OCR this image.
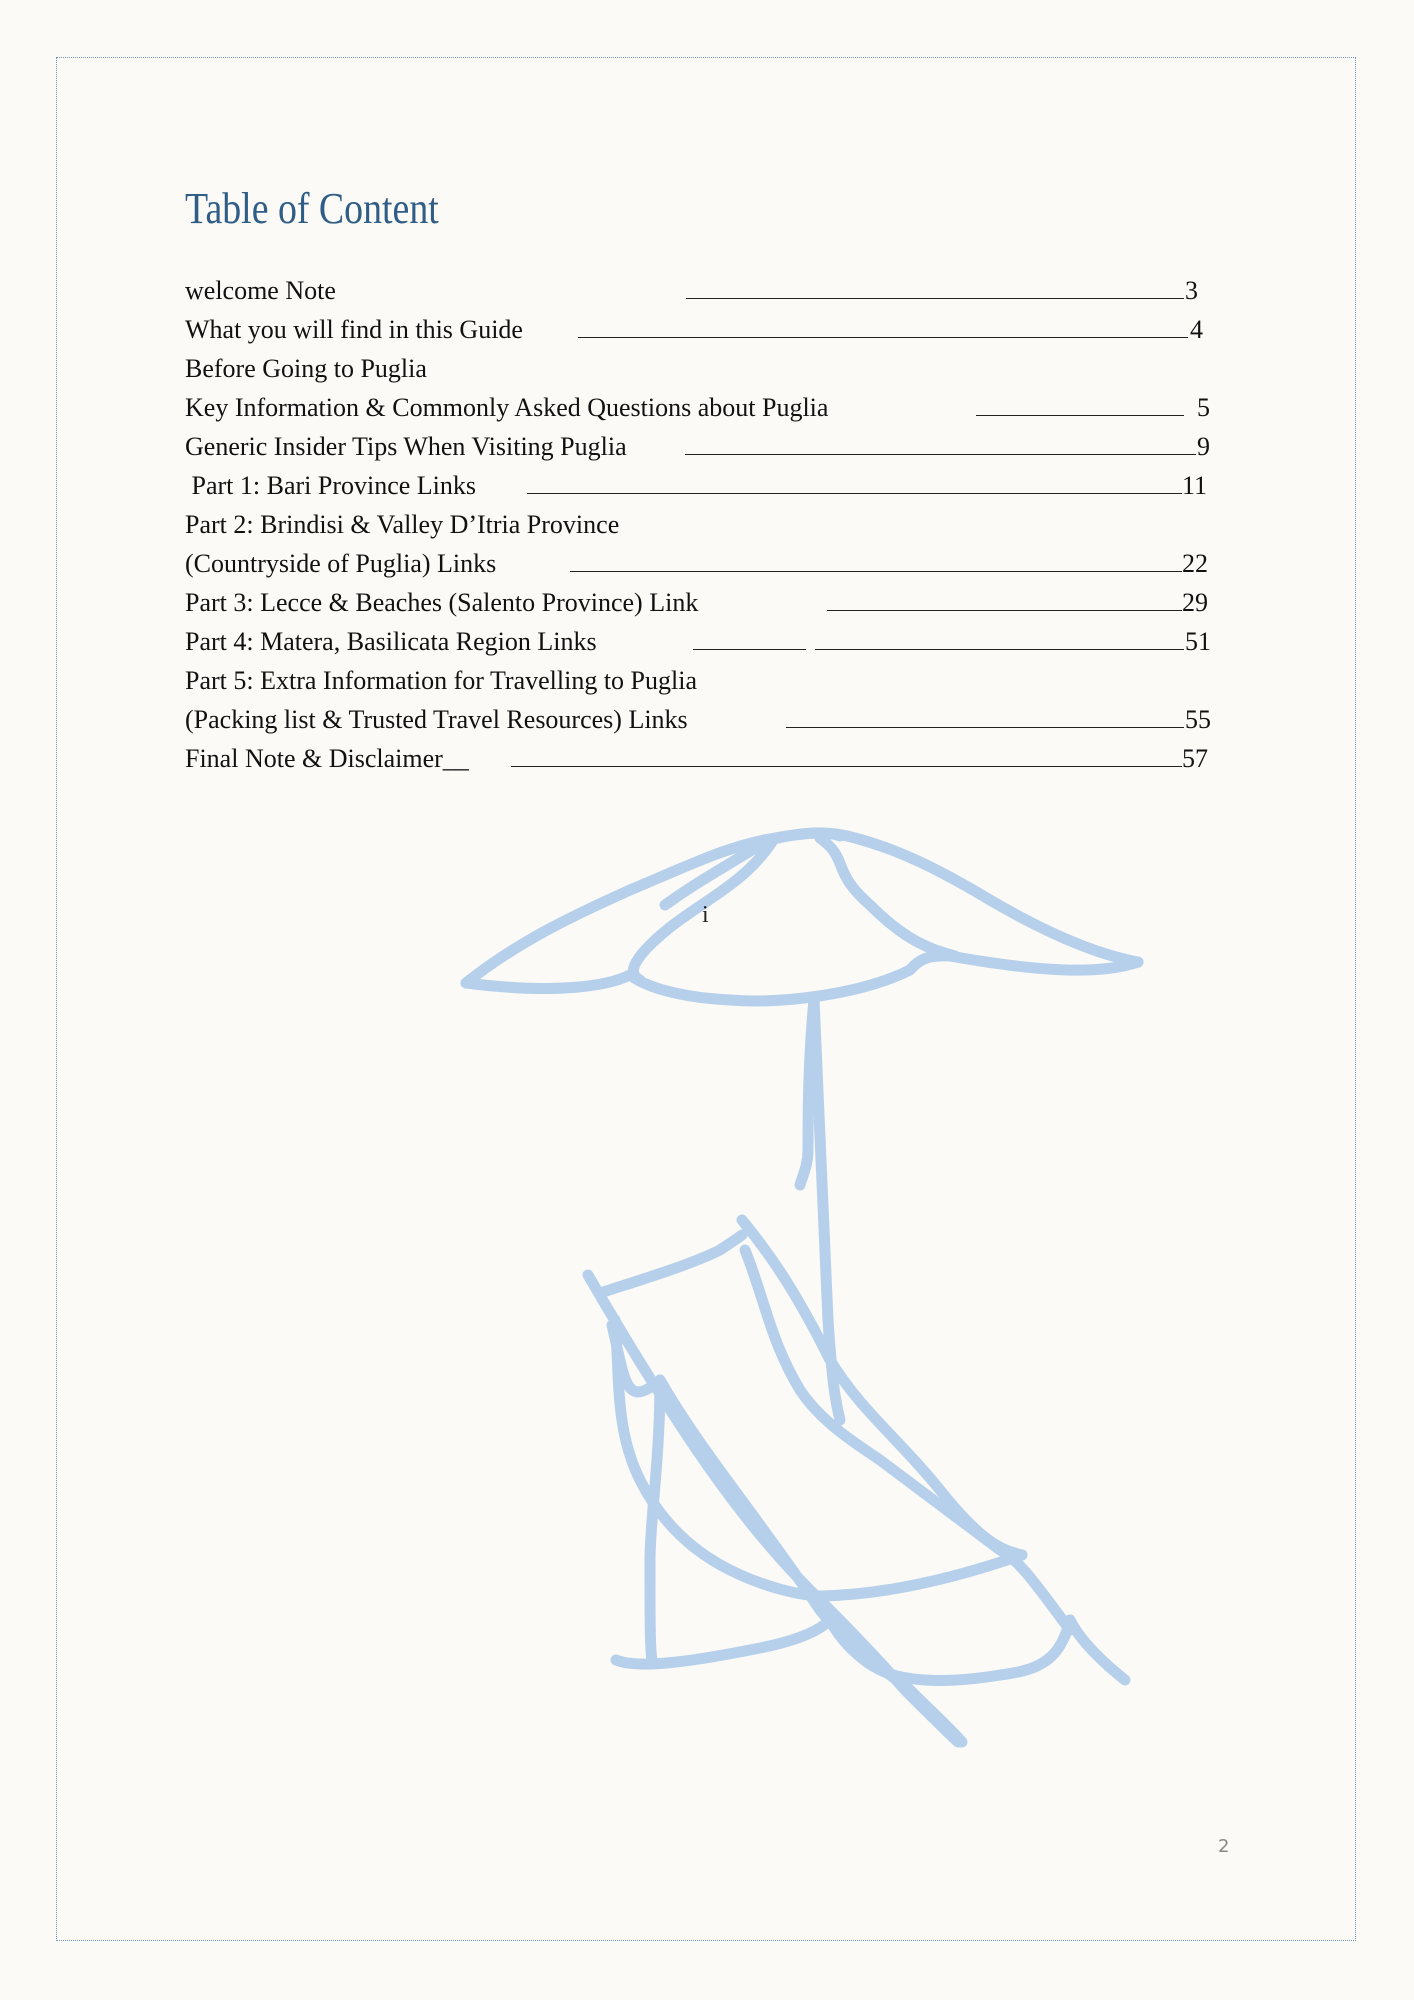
Table of Content
welcome Note	3
What you will find in this Guide	4
Before Going to Puglia
Key Information & Commonly Asked Questions about Puglia	5
Generic Insider Tips When Visiting Puglia	9
Part 1: Bari Province Links	11
Part 2: Brindisi & Valley D’Itria Province
(Countryside of Puglia) Links	22
Part 3: Lecce & Beaches (Salento Province) Link	29
Part 4: Matera, Basilicata Region Links	51
Part 5: Extra Information for Travelling to Puglia
(Packing list & Trusted Travel Resources) Links	55
Final Note & Disclaimer__	57
i
2
